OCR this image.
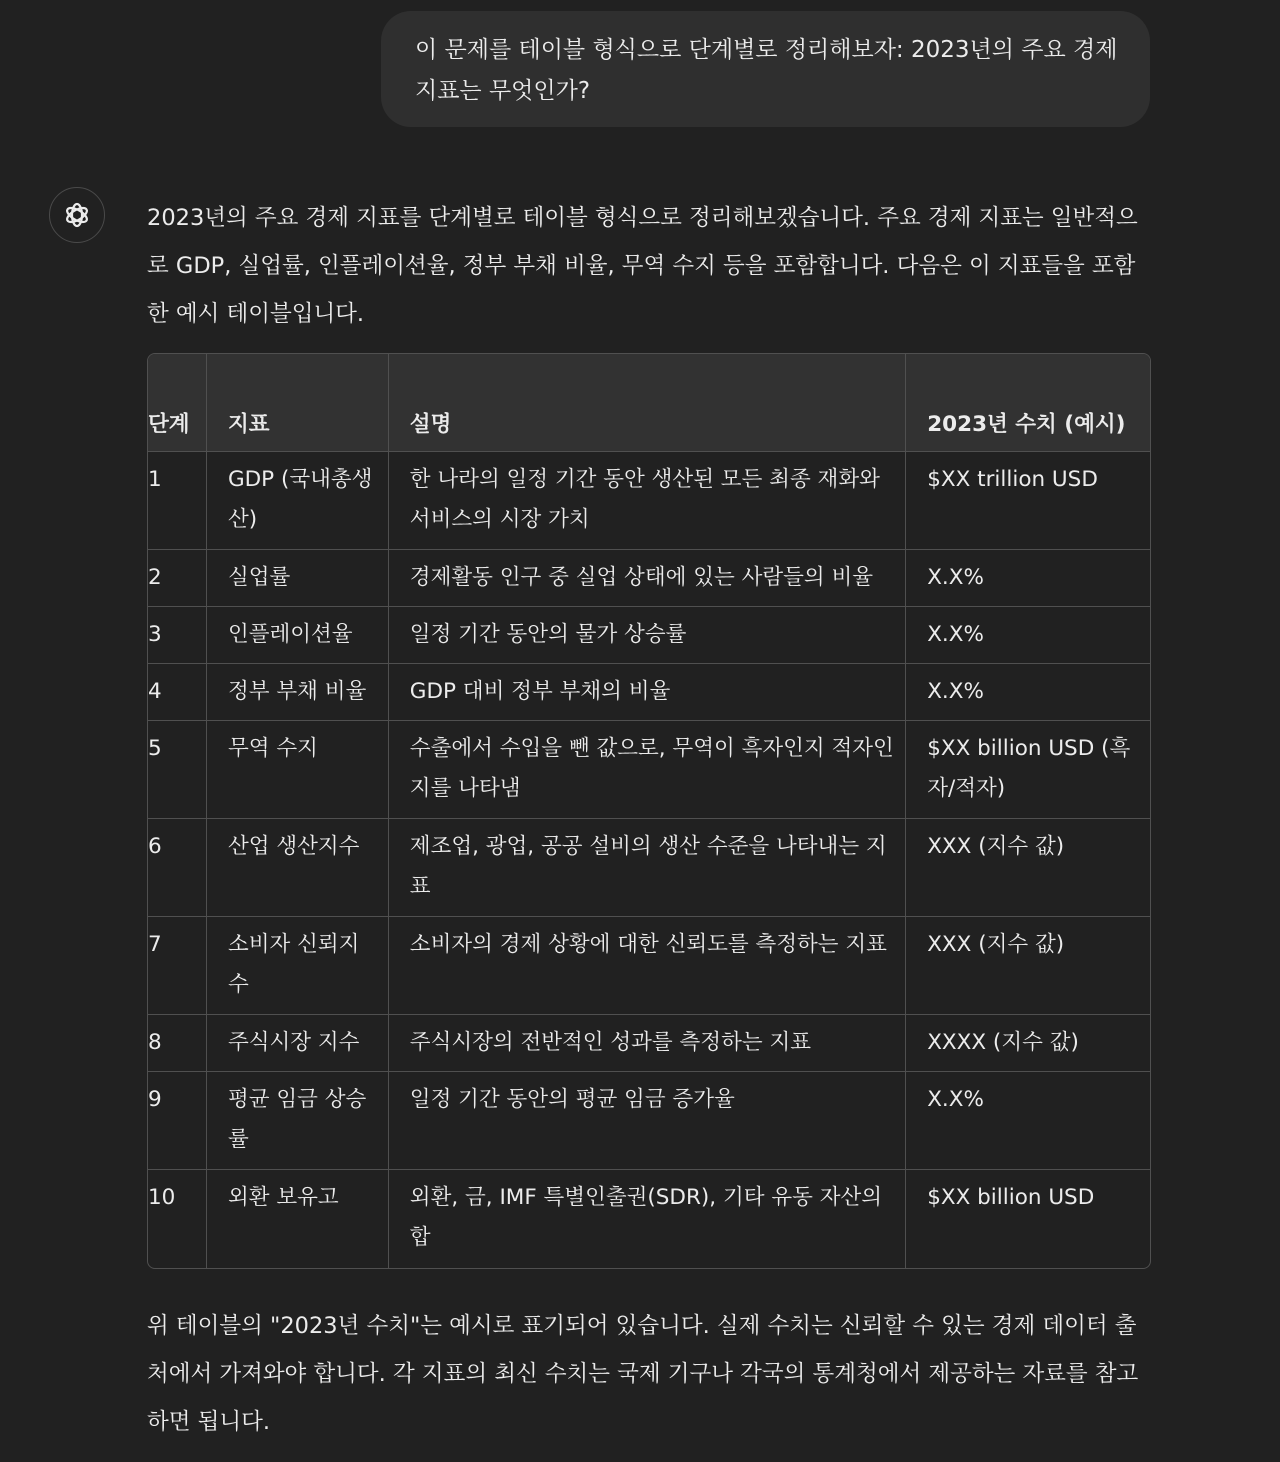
이 문제를 테이블 형식으로 단계별로 정리해보자: 2023년의 주요 경제 지표는 무엇인가?
2023년의 주요 경제 지표를 단계별로 테이블 형식으로 정리해보겠습니다. 주요 경제 지표는 일반적으로 GDP, 실업률, 인플레이션율, 정부 부채 비율, 무역 수지 등을 포함합니다. 다음은 이 지표들을 포함한 예시 테이블입니다.
단계	지표	설명	2023년 수치 (예시)
1	GDP (국내총생산)	한 나라의 일정 기간 동안 생산된 모든 최종 재화와 서비스의 시장 가치	$XX trillion USD
2	실업률	경제활동 인구 중 실업 상태에 있는 사람들의 비율	X.X%
3	인플레이션율	일정 기간 동안의 물가 상승률	X.X%
4	정부 부채 비율	GDP 대비 정부 부채의 비율	X.X%
5	무역 수지	수출에서 수입을 뺀 값으로, 무역이 흑자인지 적자인지를 나타냄	$XX billion USD (흑자/적자)
6	산업 생산지수	제조업, 광업, 공공 설비의 생산 수준을 나타내는 지표	XXX (지수 값)
7	소비자 신뢰지수	소비자의 경제 상황에 대한 신뢰도를 측정하는 지표	XXX (지수 값)
8	주식시장 지수	주식시장의 전반적인 성과를 측정하는 지표	XXXX (지수 값)
9	평균 임금 상승률	일정 기간 동안의 평균 임금 증가율	X.X%
10	외환 보유고	외환, 금, IMF 특별인출권(SDR), 기타 유동 자산의 합	$XX billion USD
위 테이블의 "2023년 수치"는 예시로 표기되어 있습니다. 실제 수치는 신뢰할 수 있는 경제 데이터 출처에서 가져와야 합니다. 각 지표의 최신 수치는 국제 기구나 각국의 통계청에서 제공하는 자료를 참고하면 됩니다.
